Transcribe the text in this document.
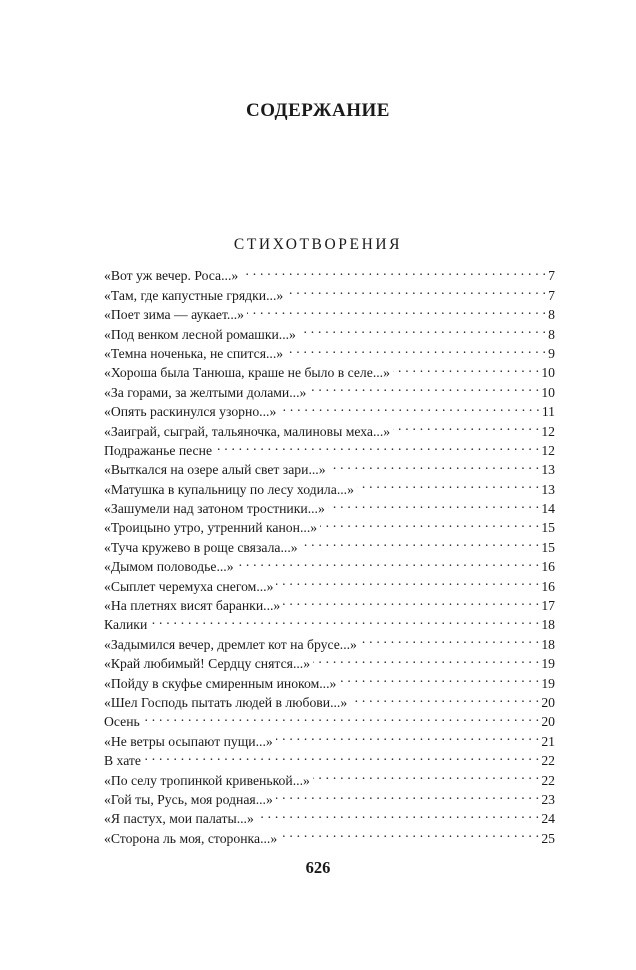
СОДЕРЖАНИЕ
СТИХОТВОРЕНИЯ
«Вот уж вечер. Роса...» . . .	7
«Там, где капустные грядки...» . . .	7
«Поет зима — аукает...» . . .	8
«Под венком лесной ромашки...» . . .	8
«Темна ноченька, не спится...» . . .	9
«Хороша была Танюша, краше не было в селе...» . . .	10
«За горами, за желтыми долами...» . . .	10
«Опять раскинулся узорно...» . . .	11
«Заиграй, сыграй, тальяночка, малиновы меха...» . . .	12
Подражанье песне . . .	12
«Выткался на озере алый свет зари...» . . .	13
«Матушка в купальницу по лесу ходила...» . . .	13
«Зашумели над затоном тростники...» . . .	14
«Троицыно утро, утренний канон...» . . .	15
«Туча кружево в роще связала...» . . .	15
«Дымом половодье...» . . .	16
«Сыплет черемуха снегом...» . . .	16
«На плетнях висят баранки...» . . .	17
Калики . . .	18
«Задымился вечер, дремлет кот на брусе...» . . .	18
«Край любимый! Сердцу снятся...» . . .	19
«Пойду в скуфье смиренным иноком...» . . .	19
«Шел Господь пытать людей в любови...» . . .	20
Осень . . .	20
«Не ветры осыпают пущи...» . . .	21
В хате . . .	22
«По селу тропинкой кривенькой...» . . .	22
«Гой ты, Русь, моя родная...» . . .	23
«Я пастух, мои палаты...» . . .	24
«Сторона ль моя, сторонка...» . . .	25
626
